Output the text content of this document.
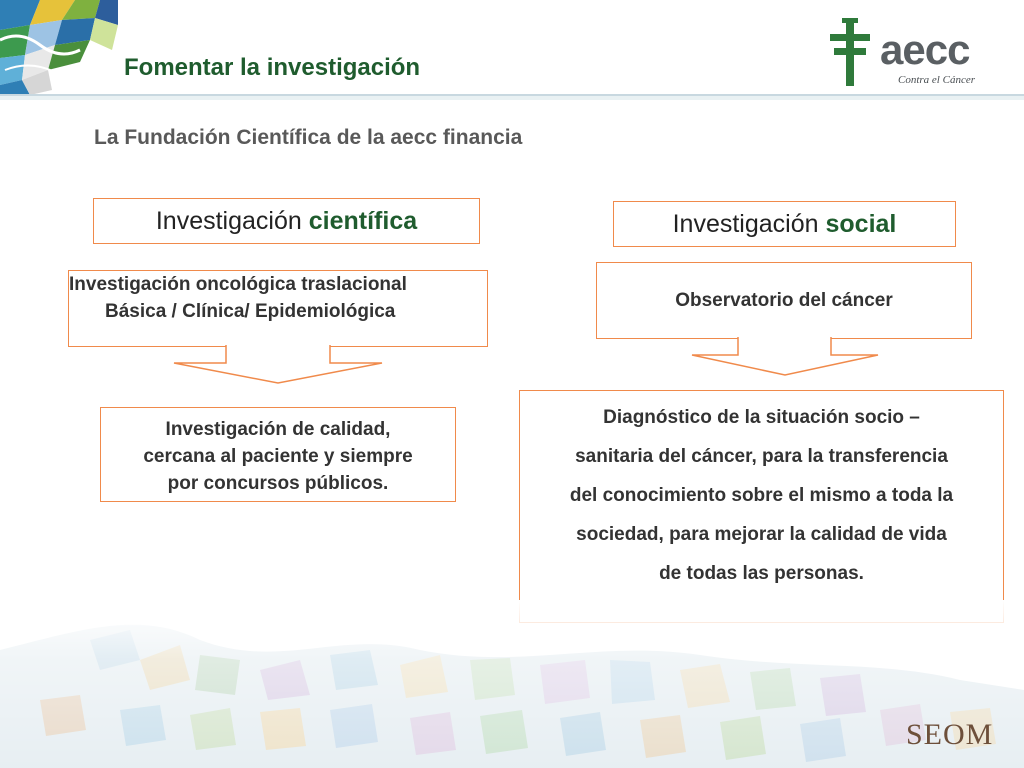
Fomentar la investigación	aecc
Contra el Cáncer
La Fundación Científica de la aecc financia
Investigación
científica	Investigación
social
Investigación oncológica traslacional
Básica / Clínica/ Epidemiológica
Observatorio del cáncer
Investigación de calidad,
cercana al paciente y siempre
por concursos públicos.
Diagnóstico de la situación socio –
sanitaria del cáncer, para la transferencia
del conocimiento sobre el mismo a toda la
sociedad, para mejorar la calidad de vida
de todas las personas.
SEOM
